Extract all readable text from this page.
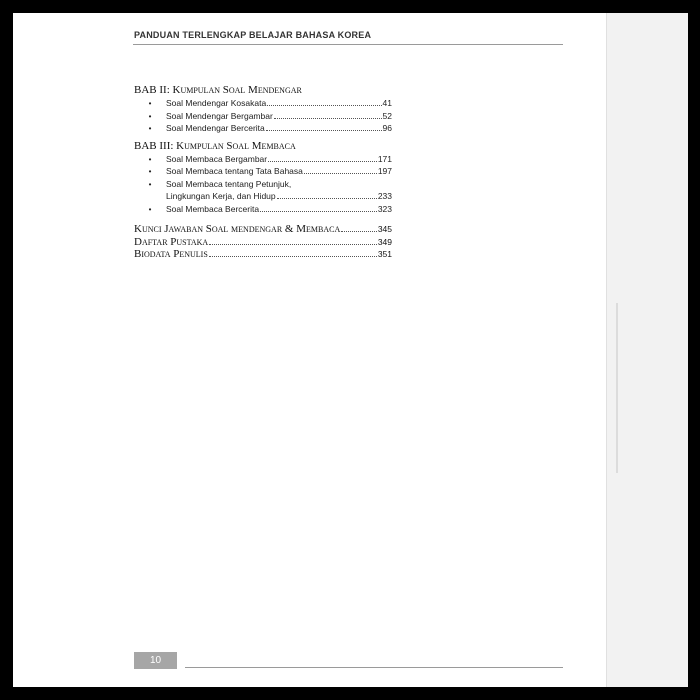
PANDUAN TERLENGKAP BELAJAR BAHASA KOREA
BAB II: Kumpulan Soal Mendengar
•	Soal Mendengar Kosakata	41
•	Soal Mendengar Bergambar	52
•	Soal Mendengar Bercerita	96
BAB III: Kumpulan Soal Membaca
•	Soal Membaca Bergambar	171
•	Soal Membaca tentang Tata Bahasa	197
•	Soal Membaca tentang Petunjuk,
Lingkungan Kerja, dan Hidup	233
•	Soal Membaca Bercerita	323
Kunci Jawaban Soal mendengar & Membaca	345
Daftar Pustaka	349
Biodata Penulis	351
10
